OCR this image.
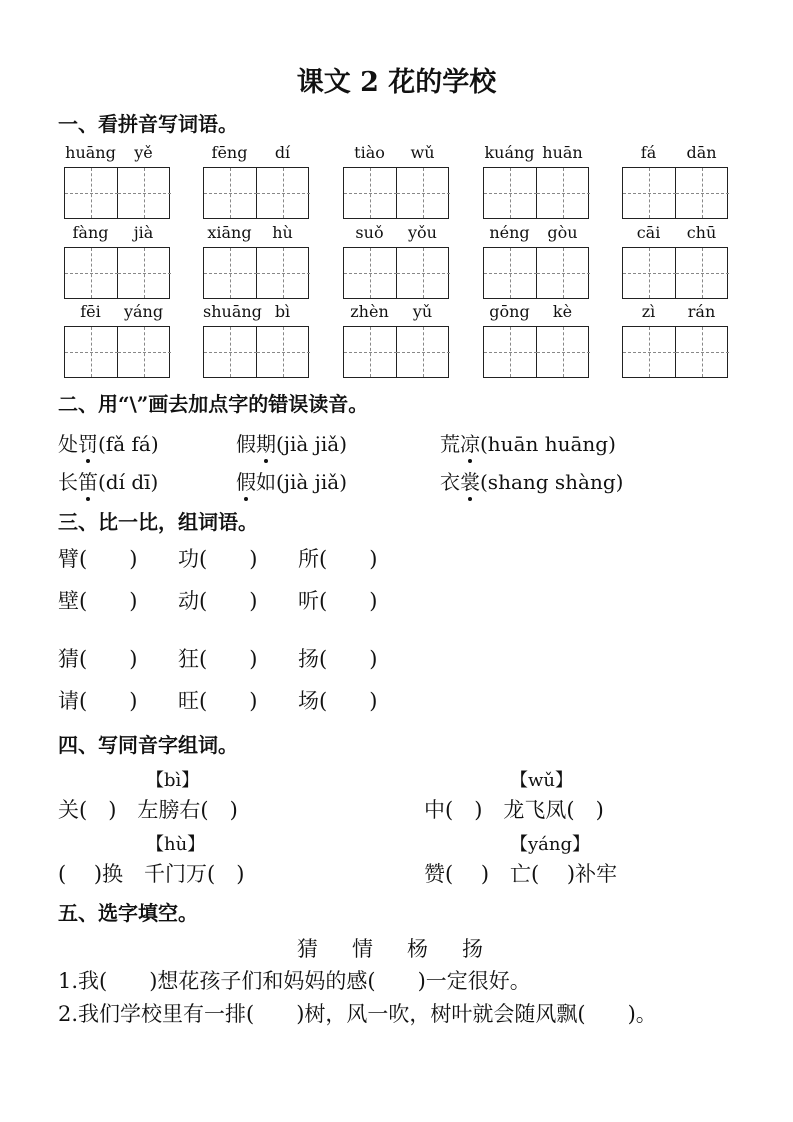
课文 2 花的学校
一、看拼音写词语。
huāng	yě	fēng	dí	tiào	wǔ	kuáng huān	fá	dān
fàng	jià	xiāng	hù	suǒ	yǒu	néng	gòu	cāi	chū
fēi	yáng	shuāng bì	zhèn	yǔ	gōng	kè	zì	rán
二、用“\”画去加点字的错误读音。
处罚(fǎ fá)	假期(jià jiǎ)	荒凉(huān huāng)
长笛(dí dī)	假如(jià jiǎ)	衣裳(shang shàng)
三、比一比，组词语。
臂(　　) 功(　　) 所(　　)
壁(　　) 动(　　) 听(　　)
猜(　　) 狂(　　) 扬(　　)
请(　　) 旺(　　) 场(　　)
四、写同音字组词。
【bì】	【wǔ】
关(　)　左膀右(　)	中(　)　龙飞凤(　)
【hù】	【yáng】
(　 )换　千门万(　)	赞(　 )　亡(　 )补牢
五、选字填空。
猜 情 杨 扬
1.我(　　)想花孩子们和妈妈的感(　　)一定很好。
2.我们学校里有一排(　　)树，风一吹，树叶就会随风飘(　　)。
